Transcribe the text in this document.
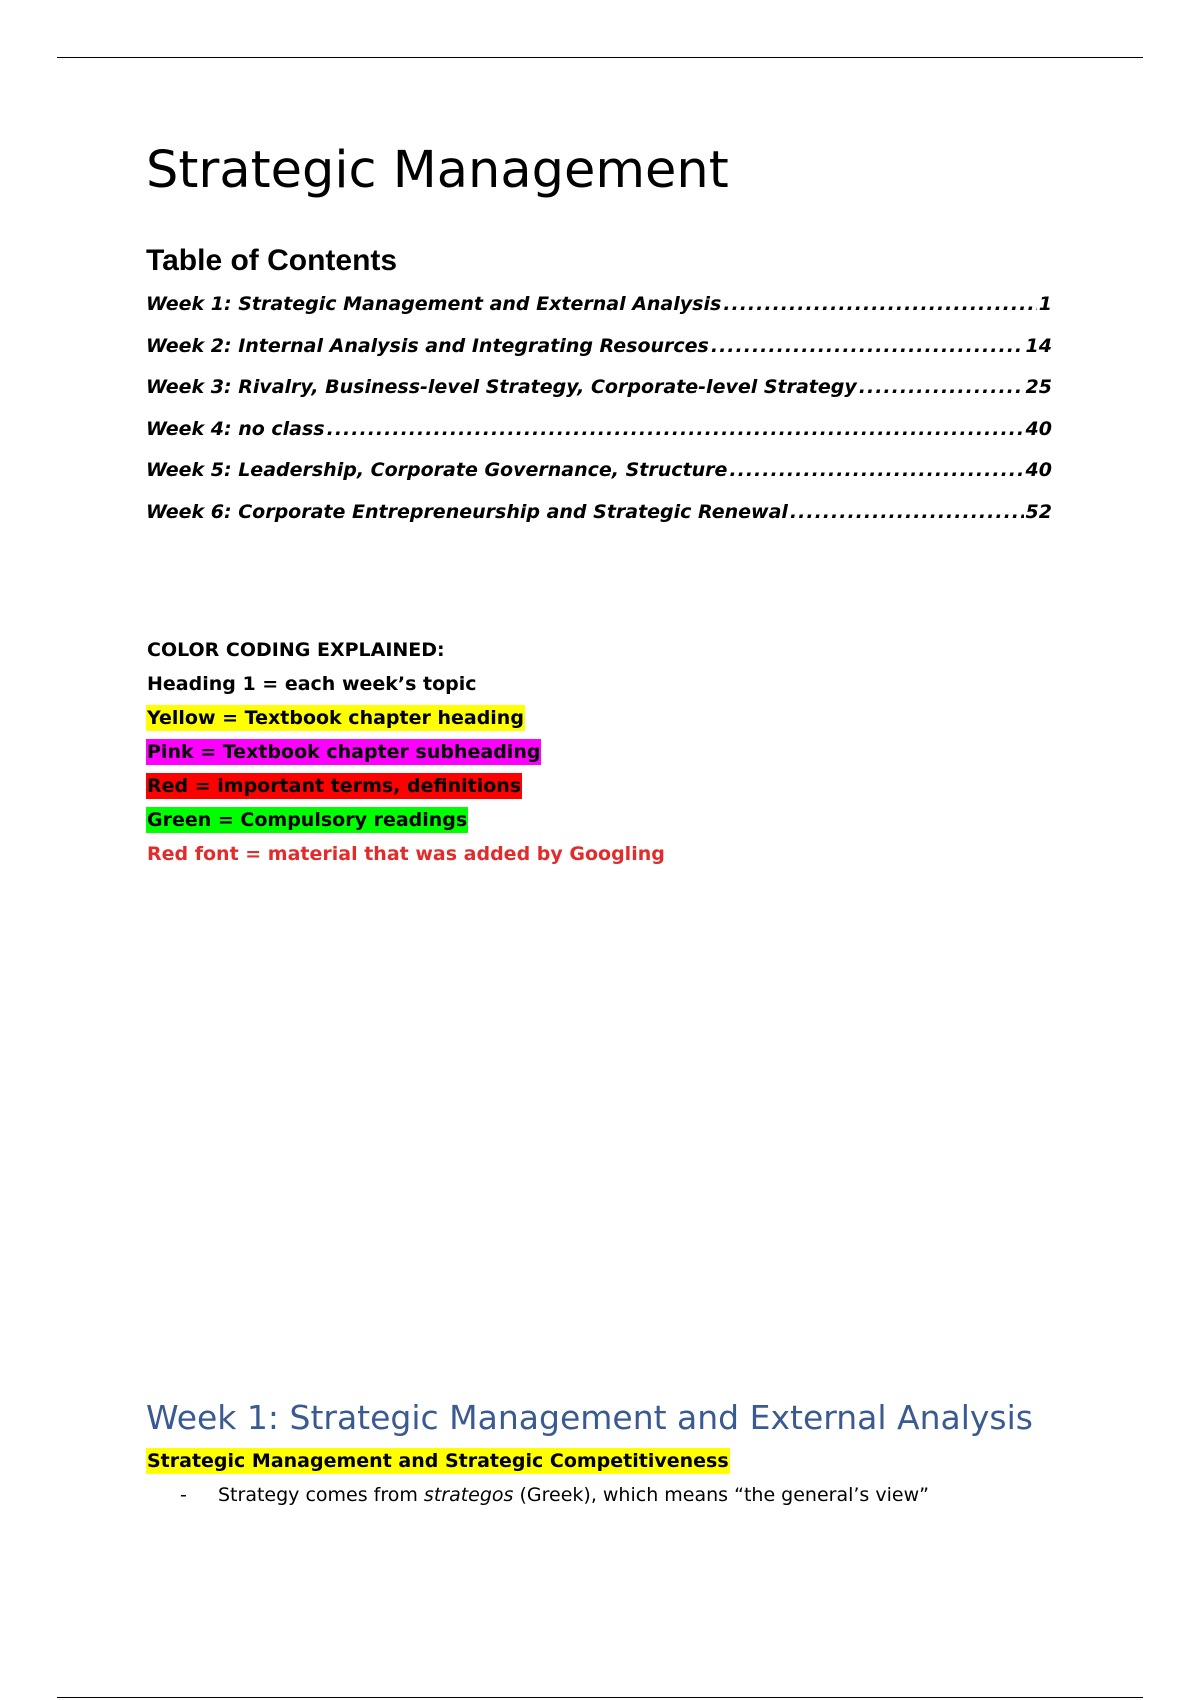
Strategic Management
Table of Contents
Week 1: Strategic Management and External Analysis .....	1
Week 2: Internal Analysis and Integrating Resources .....	14
Week 3: Rivalry, Business-level Strategy, Corporate-level Strategy .....	25
Week 4: no class .....	40
Week 5: Leadership, Corporate Governance, Structure .....	40
Week 6: Corporate Entrepreneurship and Strategic Renewal .....	52
COLOR CODING EXPLAINED:
Heading 1 = each week’s topic
Yellow = Textbook chapter heading
Pink = Textbook chapter subheading
Red = important terms, definitions
Green = Compulsory readings
Red font = material that was added by Googling
Week 1: Strategic Management and External Analysis
Strategic Management and Strategic Competitiveness
- Strategy comes from strategos (Greek), which means “the general’s view”
